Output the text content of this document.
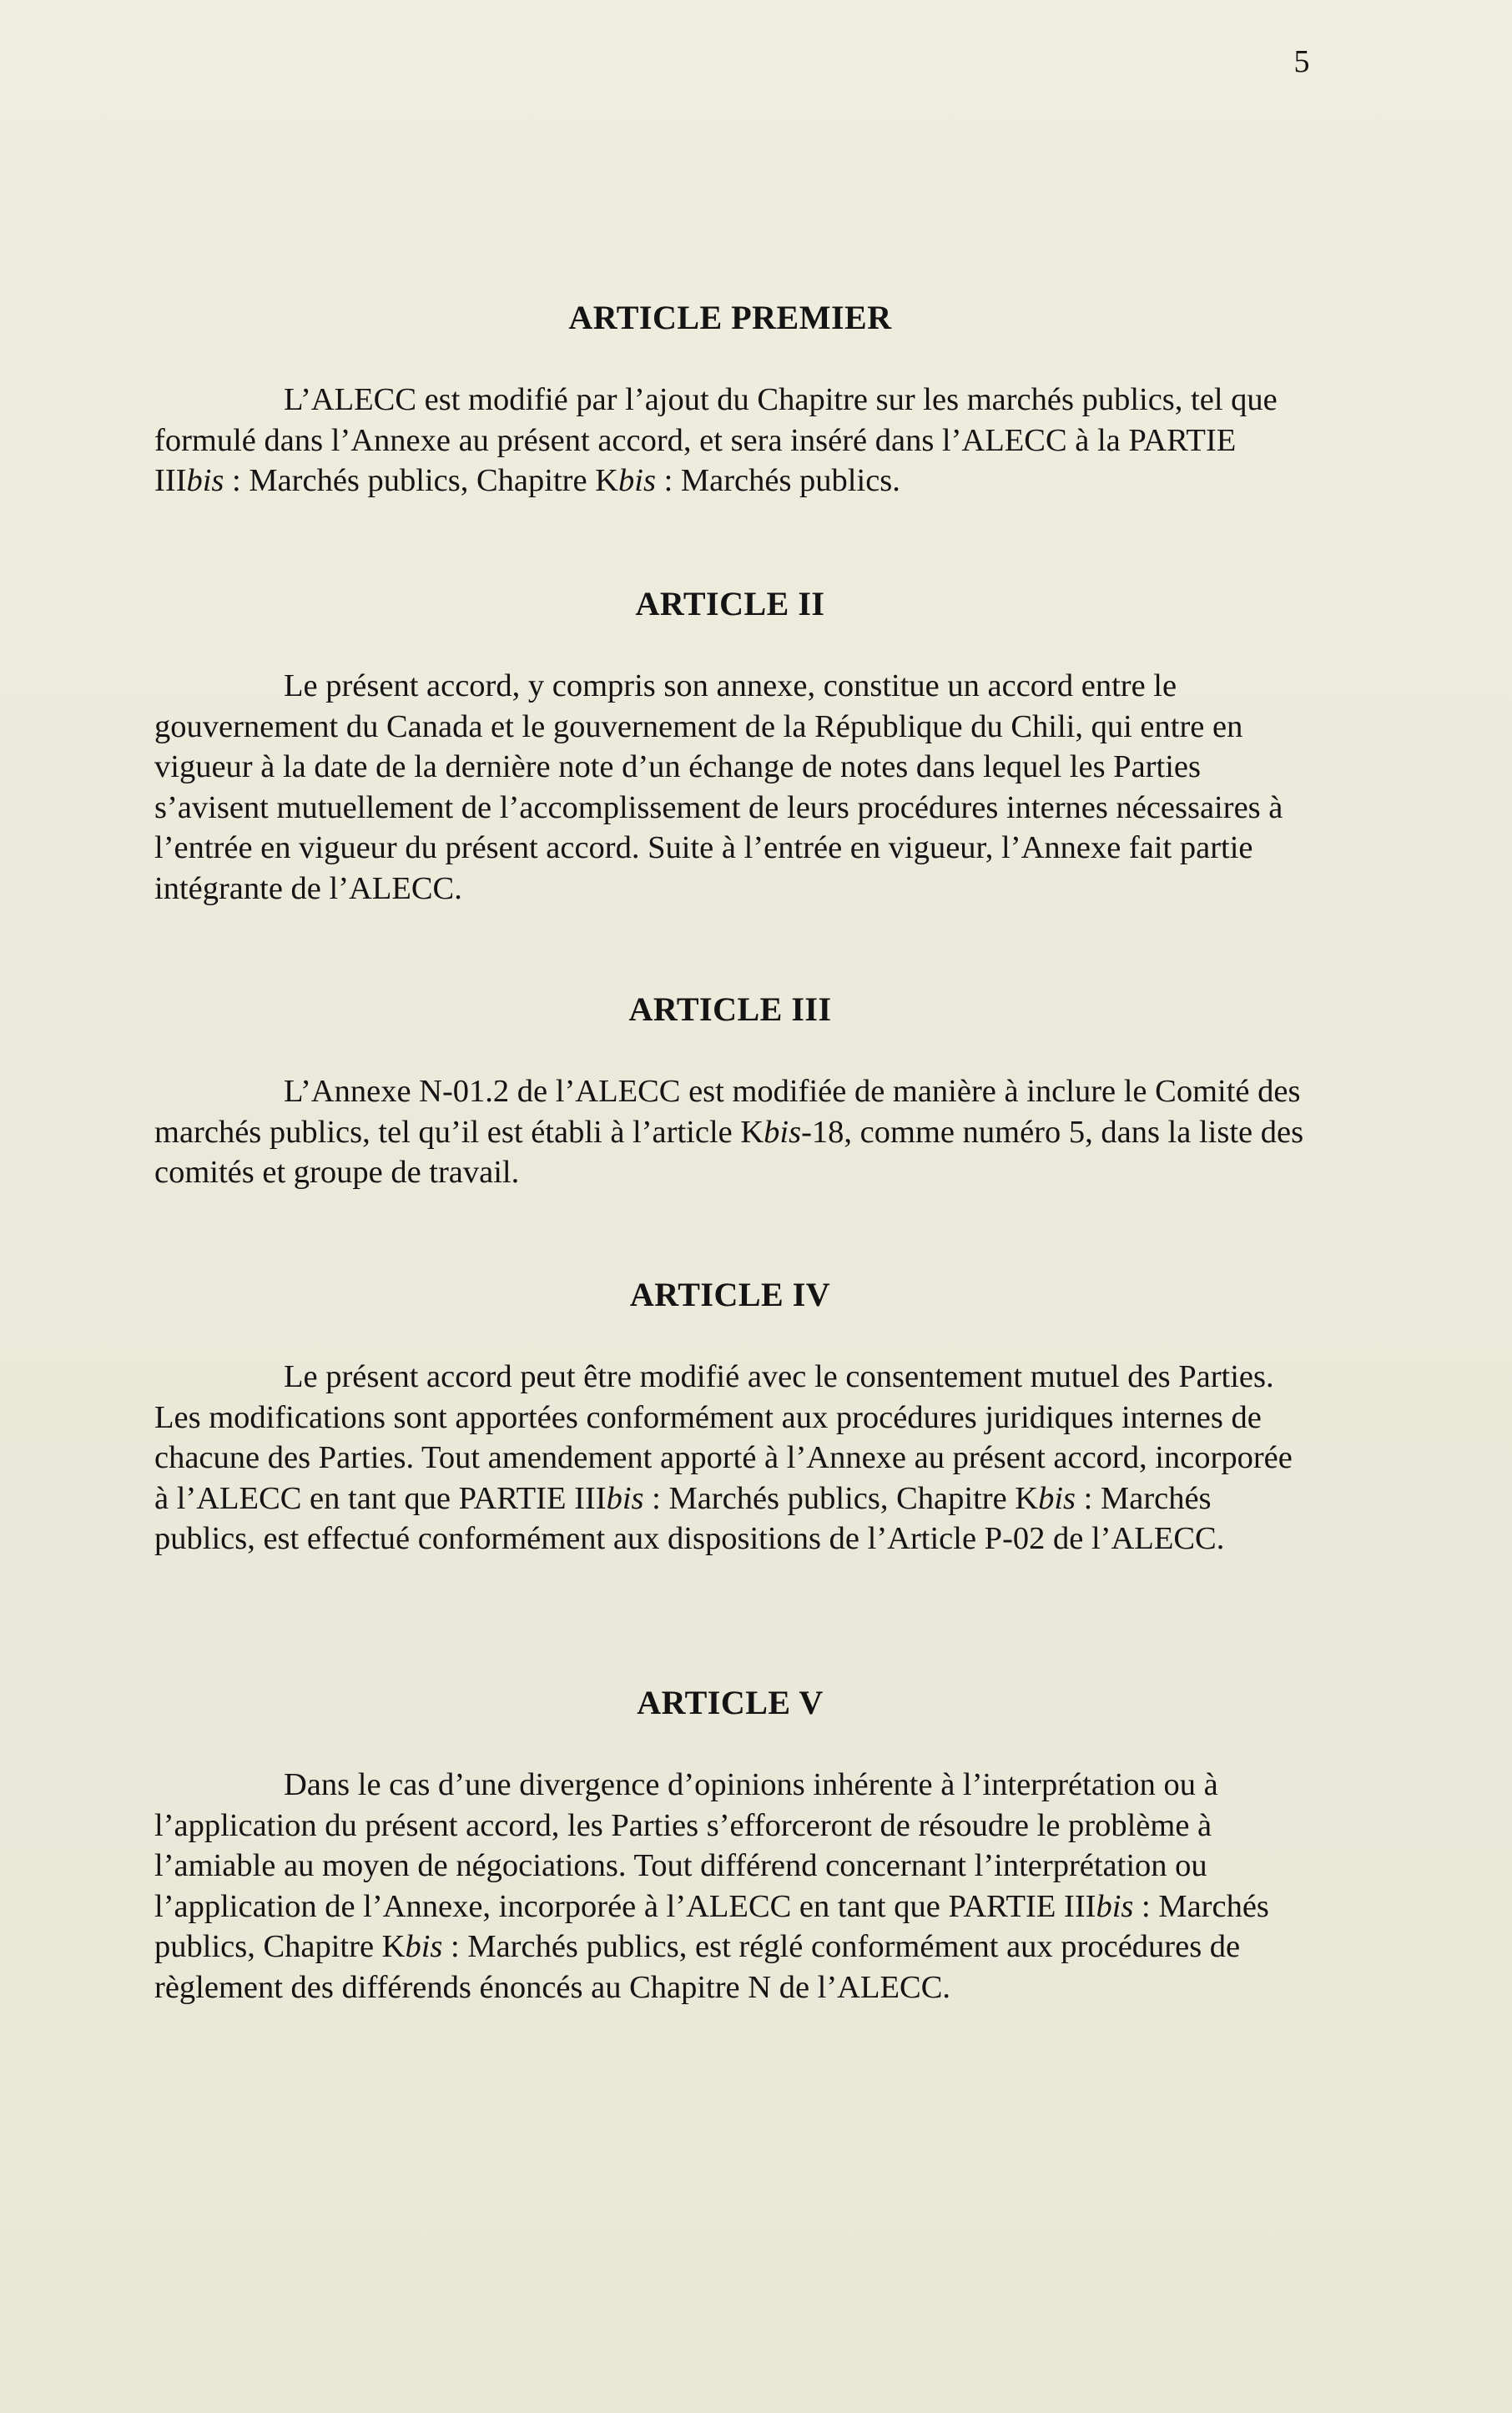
5
ARTICLE PREMIER

L’ALECC est modifié par l’ajout du Chapitre sur les marchés publics, tel que formulé dans l’Annexe au présent accord, et sera inséré dans l’ALECC à la PARTIE IIIbis : Marchés publics, Chapitre Kbis : Marchés publics.

ARTICLE II

Le présent accord, y compris son annexe, constitue un accord entre le gouvernement du Canada et le gouvernement de la République du Chili, qui entre en vigueur à la date de la dernière note d’un échange de notes dans lequel les Parties s’avisent mutuellement de l’accomplissement de leurs procédures internes nécessaires à l’entrée en vigueur du présent accord. Suite à l’entrée en vigueur, l’Annexe fait partie intégrante de l’ALECC.

ARTICLE III

L’Annexe N-01.2 de l’ALECC est modifiée de manière à inclure le Comité des marchés publics, tel qu’il est établi à l’article Kbis-18, comme numéro 5, dans la liste des comités et groupe de travail.

ARTICLE IV

Le présent accord peut être modifié avec le consentement mutuel des Parties. Les modifications sont apportées conformément aux procédures juridiques internes de chacune des Parties. Tout amendement apporté à l’Annexe au présent accord, incorporée à l’ALECC en tant que PARTIE IIIbis : Marchés publics, Chapitre Kbis : Marchés publics, est effectué conformément aux dispositions de l’Article P-02 de l’ALECC.

ARTICLE V

Dans le cas d’une divergence d’opinions inhérente à l’interprétation ou à l’application du présent accord, les Parties s’efforceront de résoudre le problème à l’amiable au moyen de négociations. Tout différend concernant l’interprétation ou l’application de l’Annexe, incorporée à l’ALECC en tant que PARTIE IIIbis : Marchés publics, Chapitre Kbis : Marchés publics, est réglé conformément aux procédures de règlement des différends énoncés au Chapitre N de l’ALECC.
